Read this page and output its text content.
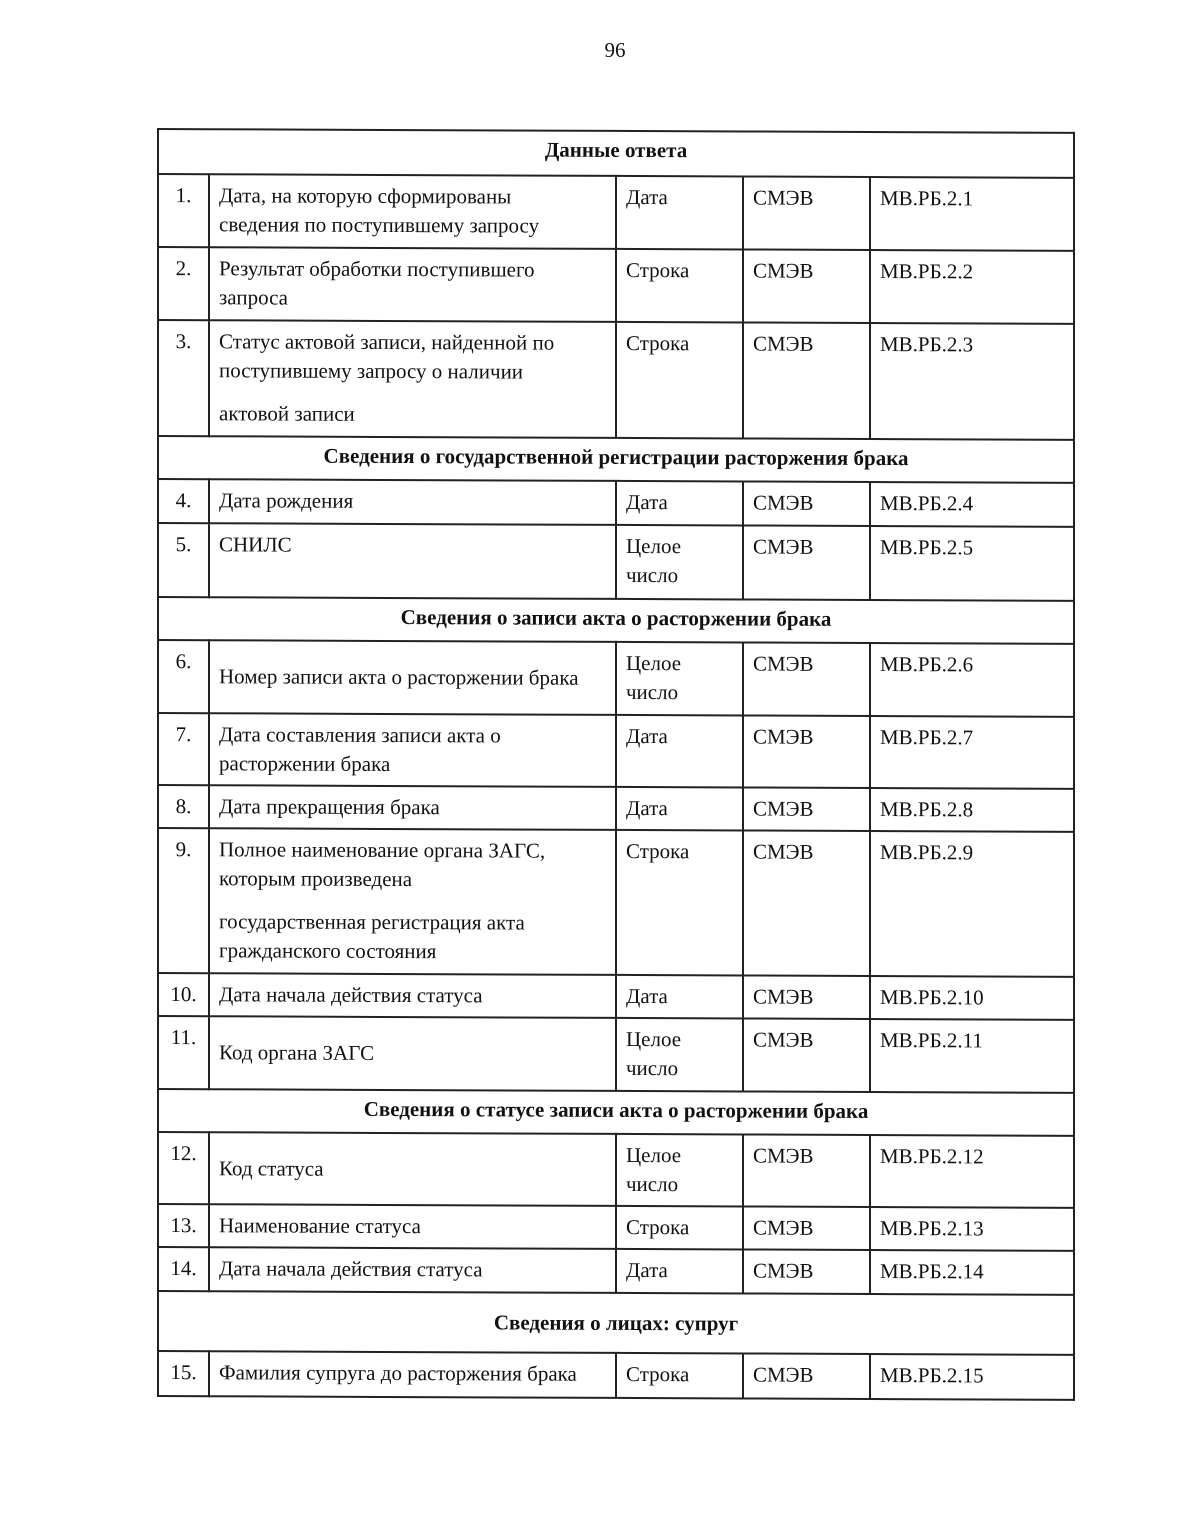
96
Данные ответа				
1.	Дата, на которую сформированы
сведения по поступившему запросу	Дата	СМЭВ	МВ.РБ.2.1
2.	Результат обработки поступившего
запроса	Строка	СМЭВ	МВ.РБ.2.2
3.	Статус актовой записи, найденной по
поступившему запросу о наличии
актовой записи	Строка	СМЭВ	МВ.РБ.2.3
Сведения о государственной регистрации расторжения брака				
4.	Дата рождения	Дата	СМЭВ	МВ.РБ.2.4
5.	СНИЛС	Целое
число	СМЭВ	МВ.РБ.2.5
Сведения о записи акта о расторжении брака				
6.	Номер записи акта о расторжении брака	Целое
число	СМЭВ	МВ.РБ.2.6
7.	Дата составления записи акта о
расторжении брака	Дата	СМЭВ	МВ.РБ.2.7
8.	Дата прекращения брака	Дата	СМЭВ	МВ.РБ.2.8
9.	Полное наименование органа ЗАГС,
которым произведена
государственная регистрация акта
гражданского состояния	Строка	СМЭВ	МВ.РБ.2.9
10.	Дата начала действия статуса	Дата	СМЭВ	МВ.РБ.2.10
11.	Код органа ЗАГС	Целое
число	СМЭВ	МВ.РБ.2.11
Сведения о статусе записи акта о расторжении брака				
12.	Код статуса	Целое
число	СМЭВ	МВ.РБ.2.12
13.	Наименование статуса	Строка	СМЭВ	МВ.РБ.2.13
14.	Дата начала действия статуса	Дата	СМЭВ	МВ.РБ.2.14
Сведения о лицах: супруг				
15.	Фамилия супруга до расторжения брака	Строка	СМЭВ	МВ.РБ.2.15
